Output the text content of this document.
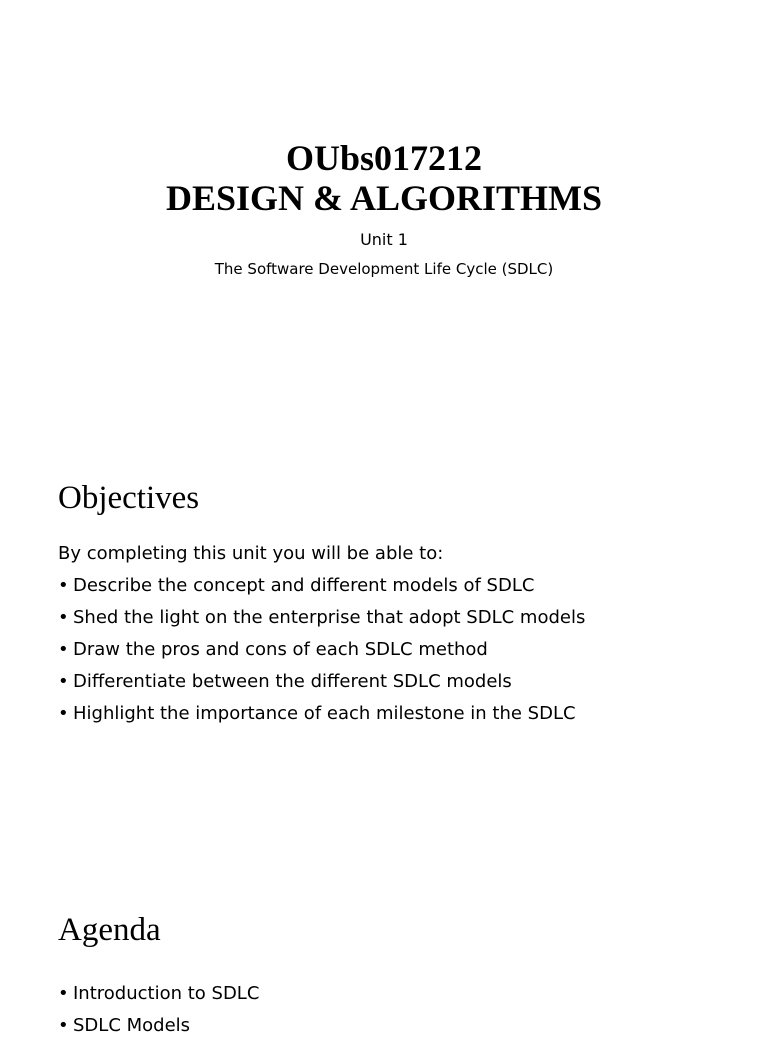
OUbs017212
DESIGN & ALGORITHMS
Unit 1
The Software Development Life Cycle (SDLC)
Objectives
By completing this unit you will be able to:
• Describe the concept and different models of SDLC
• Shed the light on the enterprise that adopt SDLC models
• Draw the pros and cons of each SDLC method
• Differentiate between the different SDLC models
• Highlight the importance of each milestone in the SDLC
Agenda
• Introduction to SDLC
• SDLC Models
